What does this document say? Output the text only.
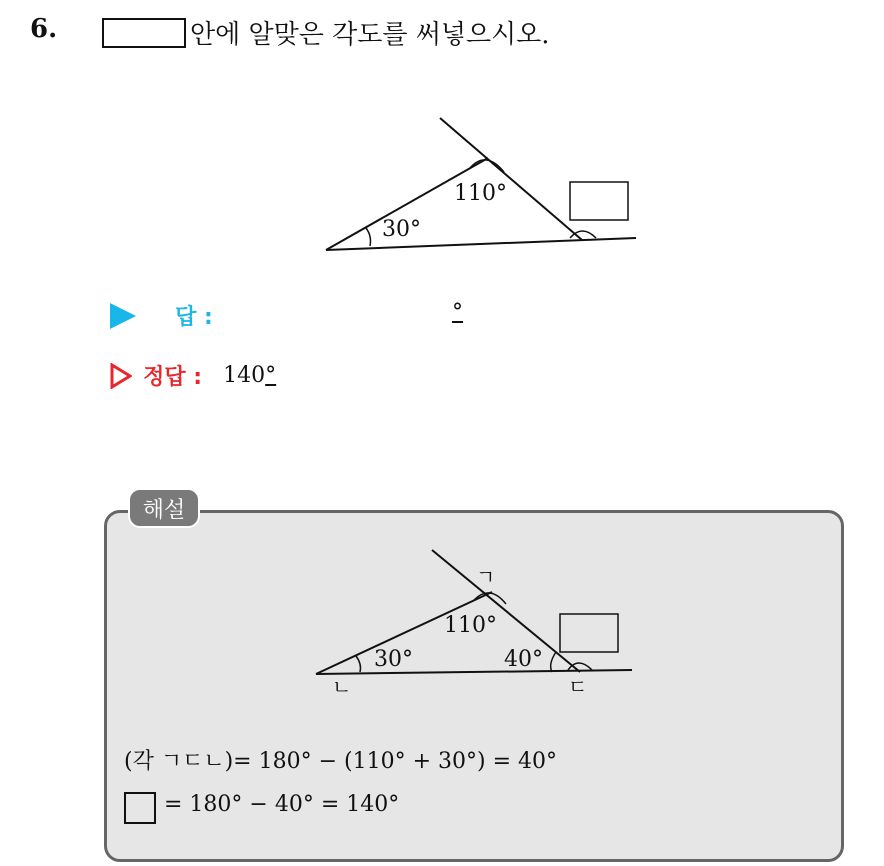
6.	안에 알맞은 각도를 써넣으시오.
110°
30°
답 :	°
정답 : 140°
해설
ㄱ
ㄴ	ㄷ
110°
30°	40°
(각 ㄱㄷㄴ)= 180° − (110° + 30°) = 40°
= 180° − 40° = 140°
